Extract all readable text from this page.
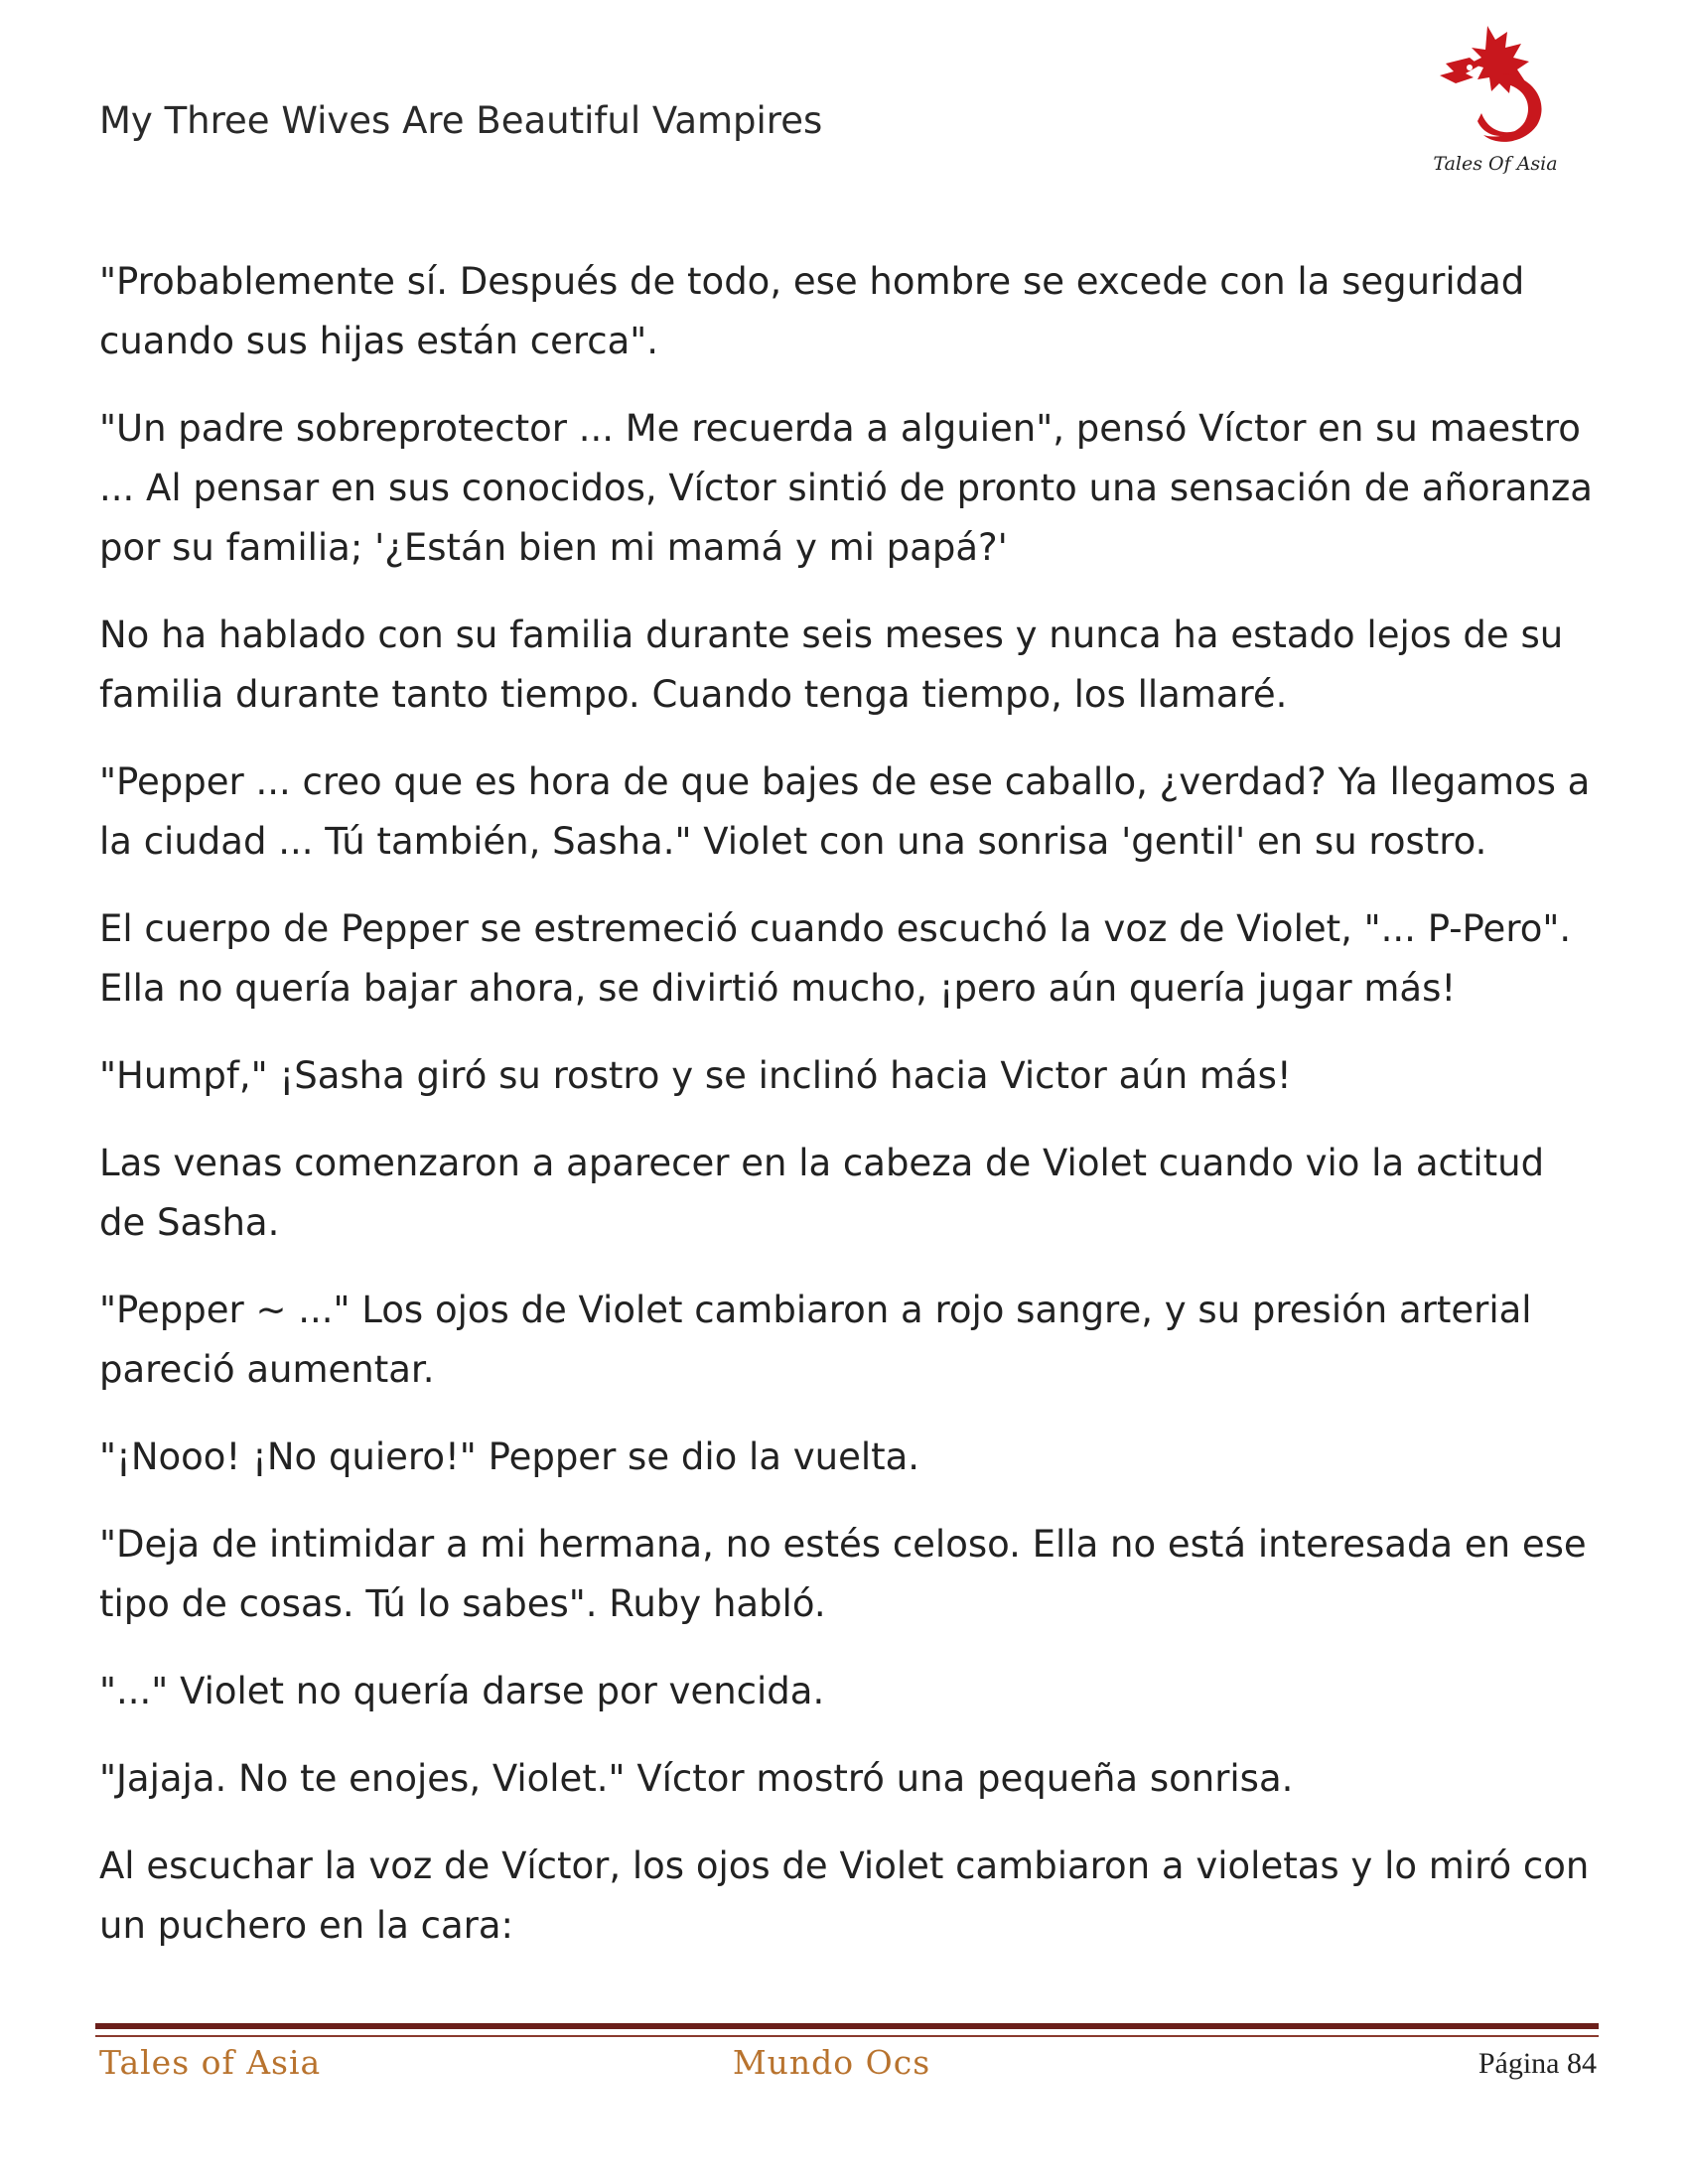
My Three Wives Are Beautiful Vampires
Tales Of Asia

"Probablemente sí. Después de todo, ese hombre se excede con la seguridad cuando sus hijas están cerca".

"Un padre sobreprotector ... Me recuerda a alguien", pensó Víctor en su maestro ... Al pensar en sus conocidos, Víctor sintió de pronto una sensación de añoranza por su familia; '¿Están bien mi mamá y mi papá?'

No ha hablado con su familia durante seis meses y nunca ha estado lejos de su familia durante tanto tiempo. Cuando tenga tiempo, los llamaré.

"Pepper ... creo que es hora de que bajes de ese caballo, ¿verdad? Ya llegamos a la ciudad ... Tú también, Sasha." Violet con una sonrisa 'gentil' en su rostro.

El cuerpo de Pepper se estremeció cuando escuchó la voz de Violet, "... P-Pero". Ella no quería bajar ahora, se divirtió mucho, ¡pero aún quería jugar más!

"Humpf," ¡Sasha giró su rostro y se inclinó hacia Victor aún más!

Las venas comenzaron a aparecer en la cabeza de Violet cuando vio la actitud de Sasha.

"Pepper ~ ..." Los ojos de Violet cambiaron a rojo sangre, y su presión arterial pareció aumentar.

"¡Nooo! ¡No quiero!" Pepper se dio la vuelta.

"Deja de intimidar a mi hermana, no estés celoso. Ella no está interesada en ese tipo de cosas. Tú lo sabes". Ruby habló.

"..." Violet no quería darse por vencida.

"Jajaja. No te enojes, Violet." Víctor mostró una pequeña sonrisa.

Al escuchar la voz de Víctor, los ojos de Violet cambiaron a violetas y lo miró con un puchero en la cara:

Tales of Asia	Mundo Ocs	Página 84
